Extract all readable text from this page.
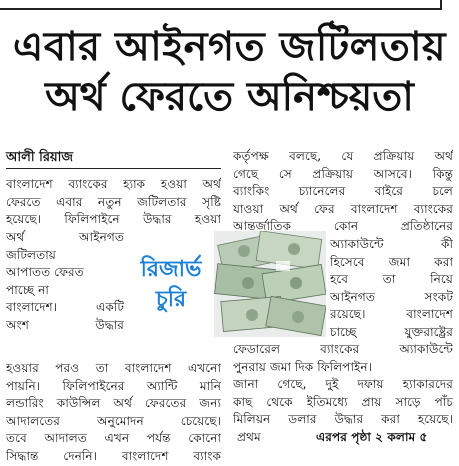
এবার আইনগত জটিলতায়
অর্থ ফেরতে অনিশ্চয়তা
আলী রিয়াজ
বাংলাদেশ ব্যাংকের হ্যাক হওয়া অর্থ
ফেরতে এবার নতুন জটিলতার সৃষ্টি
হয়েছে। ফিলিপাইনে উদ্ধার হওয়া
অর্থ আইনগত
জটিলতায়
আপাতত ফেরত
পাচ্ছে না
বাংলাদেশ। একটি
অংশ উদ্ধার
রিজার্ভ
চুরি
হওয়ার পরও তা বাংলাদেশ এখনো
পায়নি। ফিলিপাইনের অ্যান্টি মানি
লন্ডারিং কাউন্সিল অর্থ ফেরতের জন্য
আদালতের অনুমোদন চেয়েছে।
তবে আদালত এখন পর্যন্ত কোনো
সিদ্ধান্ত দেননি। বাংলাদেশ ব্যাংক
কর্তৃপক্ষ বলছে, যে প্রক্রিয়ায় অর্থ
গেছে সে প্রক্রিয়ায় আসবে। কিন্তু
ব্যাংকিং চ্যানেলের বাইরে চলে
যাওয়া অর্থ ফের বাংলাদেশ ব্যাংকের
আন্তর্জাতিক কোন প্রতিষ্ঠানের
অ্যাকাউন্টে কী
হিসেবে জমা করা
হবে তা নিয়ে
আইনগত সংকট
রয়েছে। বাংলাদেশ
চাচ্ছে যুক্তরাষ্ট্রের
ফেডারেল ব্যাংকের অ্যাকাউন্টে
পুনরায় জমা দিক ফিলিপাইন।
জানা গেছে, দুই দফায় হ্যাকারদের
কাছ থেকে ইতিমধ্যে প্রায় সাড়ে পাঁচ
মিলিয়ন ডলার উদ্ধার করা হয়েছে।
প্রথম	এরপর পৃষ্ঠা ২ কলাম ৫
